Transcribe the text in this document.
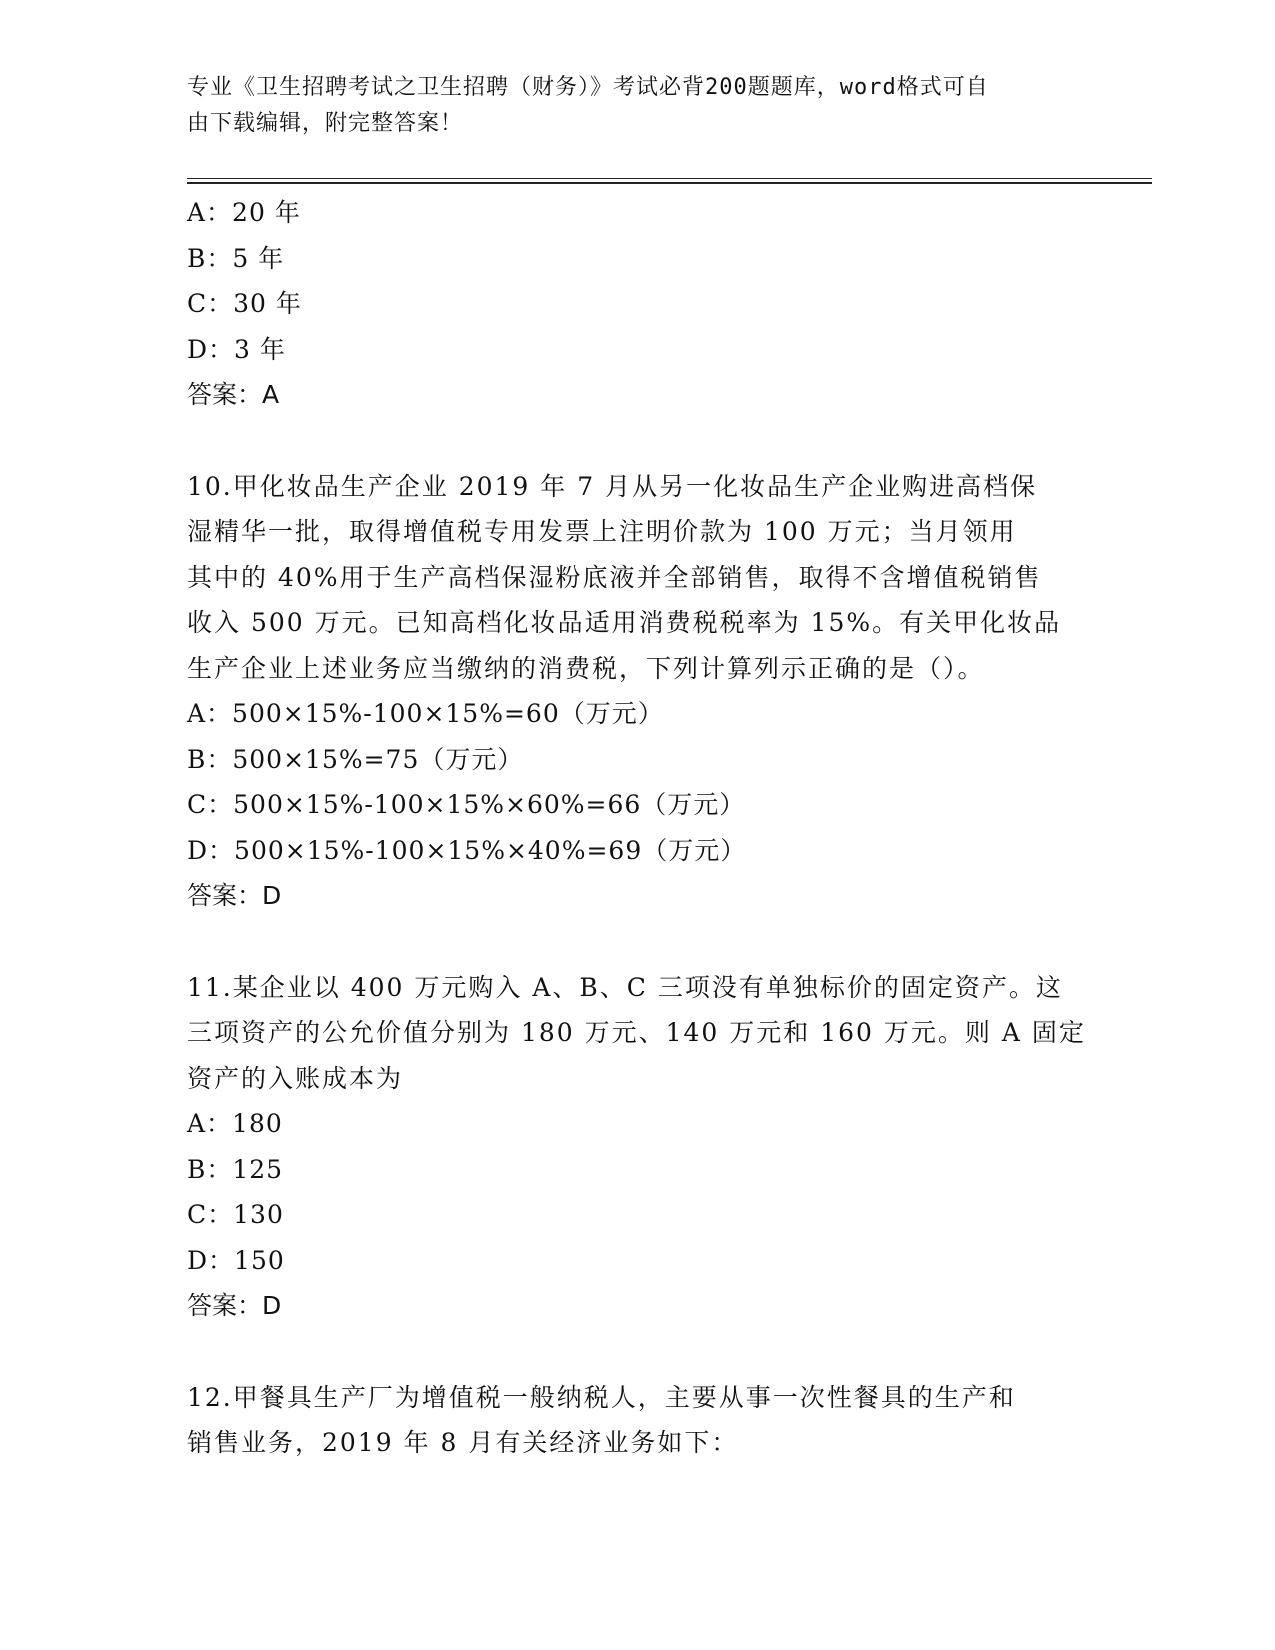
专业《卫生招聘考试之卫生招聘（财务）》考试必背200题题库，word格式可自
由下载编辑，附完整答案！

A：20 年

B：5 年

C：30 年

D：3 年

答案：A

10.甲化妆品生产企业 2019 年 7 月从另一化妆品生产企业购进高档保

湿精华一批，取得增值税专用发票上注明价款为 100 万元；当月领用

其中的 40%用于生产高档保湿粉底液并全部销售，取得不含增值税销售

收入 500 万元。已知高档化妆品适用消费税税率为 15%。有关甲化妆品

生产企业上述业务应当缴纳的消费税，下列计算列示正确的是（）。

A：500×15%-100×15%=60（万元）

B：500×15%=75（万元）

C：500×15%-100×15%×60%=66（万元）

D：500×15%-100×15%×40%=69（万元）

答案：D

11.某企业以 400 万元购入 A、B、C 三项没有单独标价的固定资产。这

三项资产的公允价值分别为 180 万元、140 万元和 160 万元。则 A 固定

资产的入账成本为

A：180

B：125

C：130

D：150

答案：D

12.甲餐具生产厂为增值税一般纳税人，主要从事一次性餐具的生产和

销售业务，2019 年 8 月有关经济业务如下：
